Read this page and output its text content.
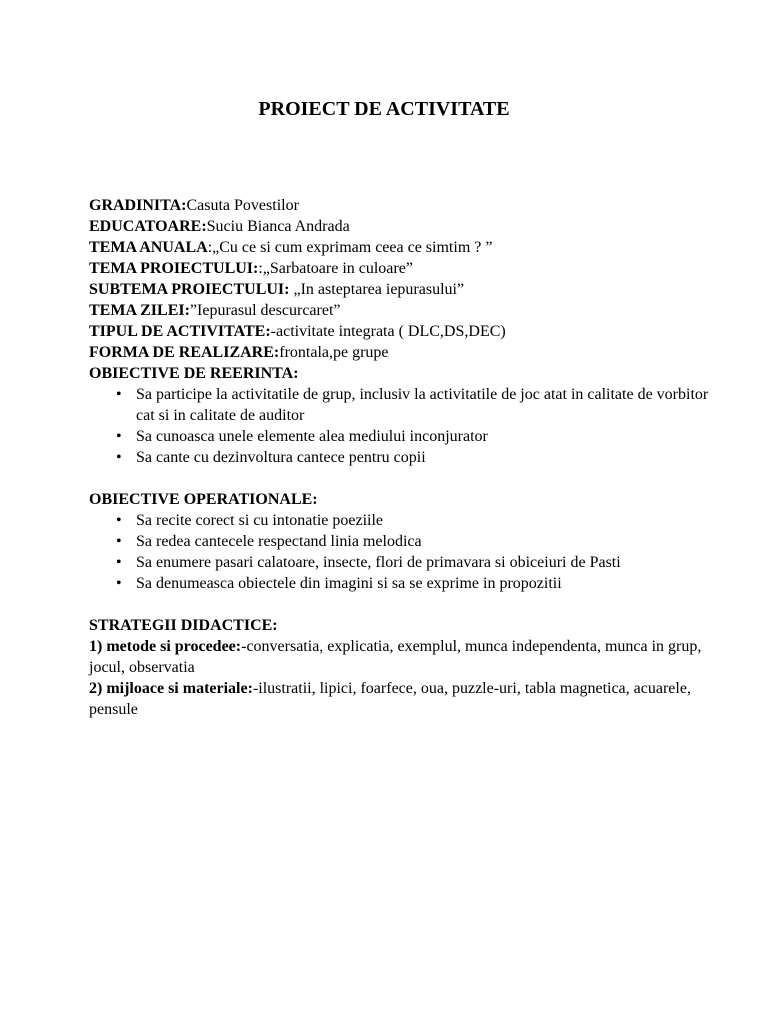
PROIECT DE ACTIVITATE

GRADINITA:Casuta Povestilor

EDUCATOARE:Suciu Bianca Andrada

TEMA ANUALA:„Cu ce si cum exprimam ceea ce simtim ? ”

TEMA PROIECTULUI::„Sarbatoare in culoare”

SUBTEMA PROIECTULUI: „In asteptarea iepurasului”

TEMA ZILEI:”Iepurasul descurcaret”

TIPUL DE ACTIVITATE:-activitate integrata ( DLC,DS,DEC)

FORMA DE REALIZARE:frontala,pe grupe

OBIECTIVE DE REERINTA:

• Sa participe la activitatile de grup, inclusiv la activitatile de joc atat in calitate de vorbitor cat si in calitate de auditor
• Sa cunoasca unele elemente alea mediului inconjurator
• Sa cante cu dezinvoltura cantece pentru copii

OBIECTIVE OPERATIONALE:

• Sa recite corect si cu intonatie poeziile
• Sa redea cantecele respectand linia melodica
• Sa enumere pasari calatoare, insecte, flori de primavara si obiceiuri de Pasti
• Sa denumeasca obiectele din imagini si sa se exprime in propozitii

STRATEGII DIDACTICE:

1) metode si procedee:-conversatia, explicatia, exemplul, munca independenta, munca in grup, jocul, observatia

2) mijloace si materiale:-ilustratii, lipici, foarfece, oua, puzzle-uri, tabla magnetica, acuarele, pensule
